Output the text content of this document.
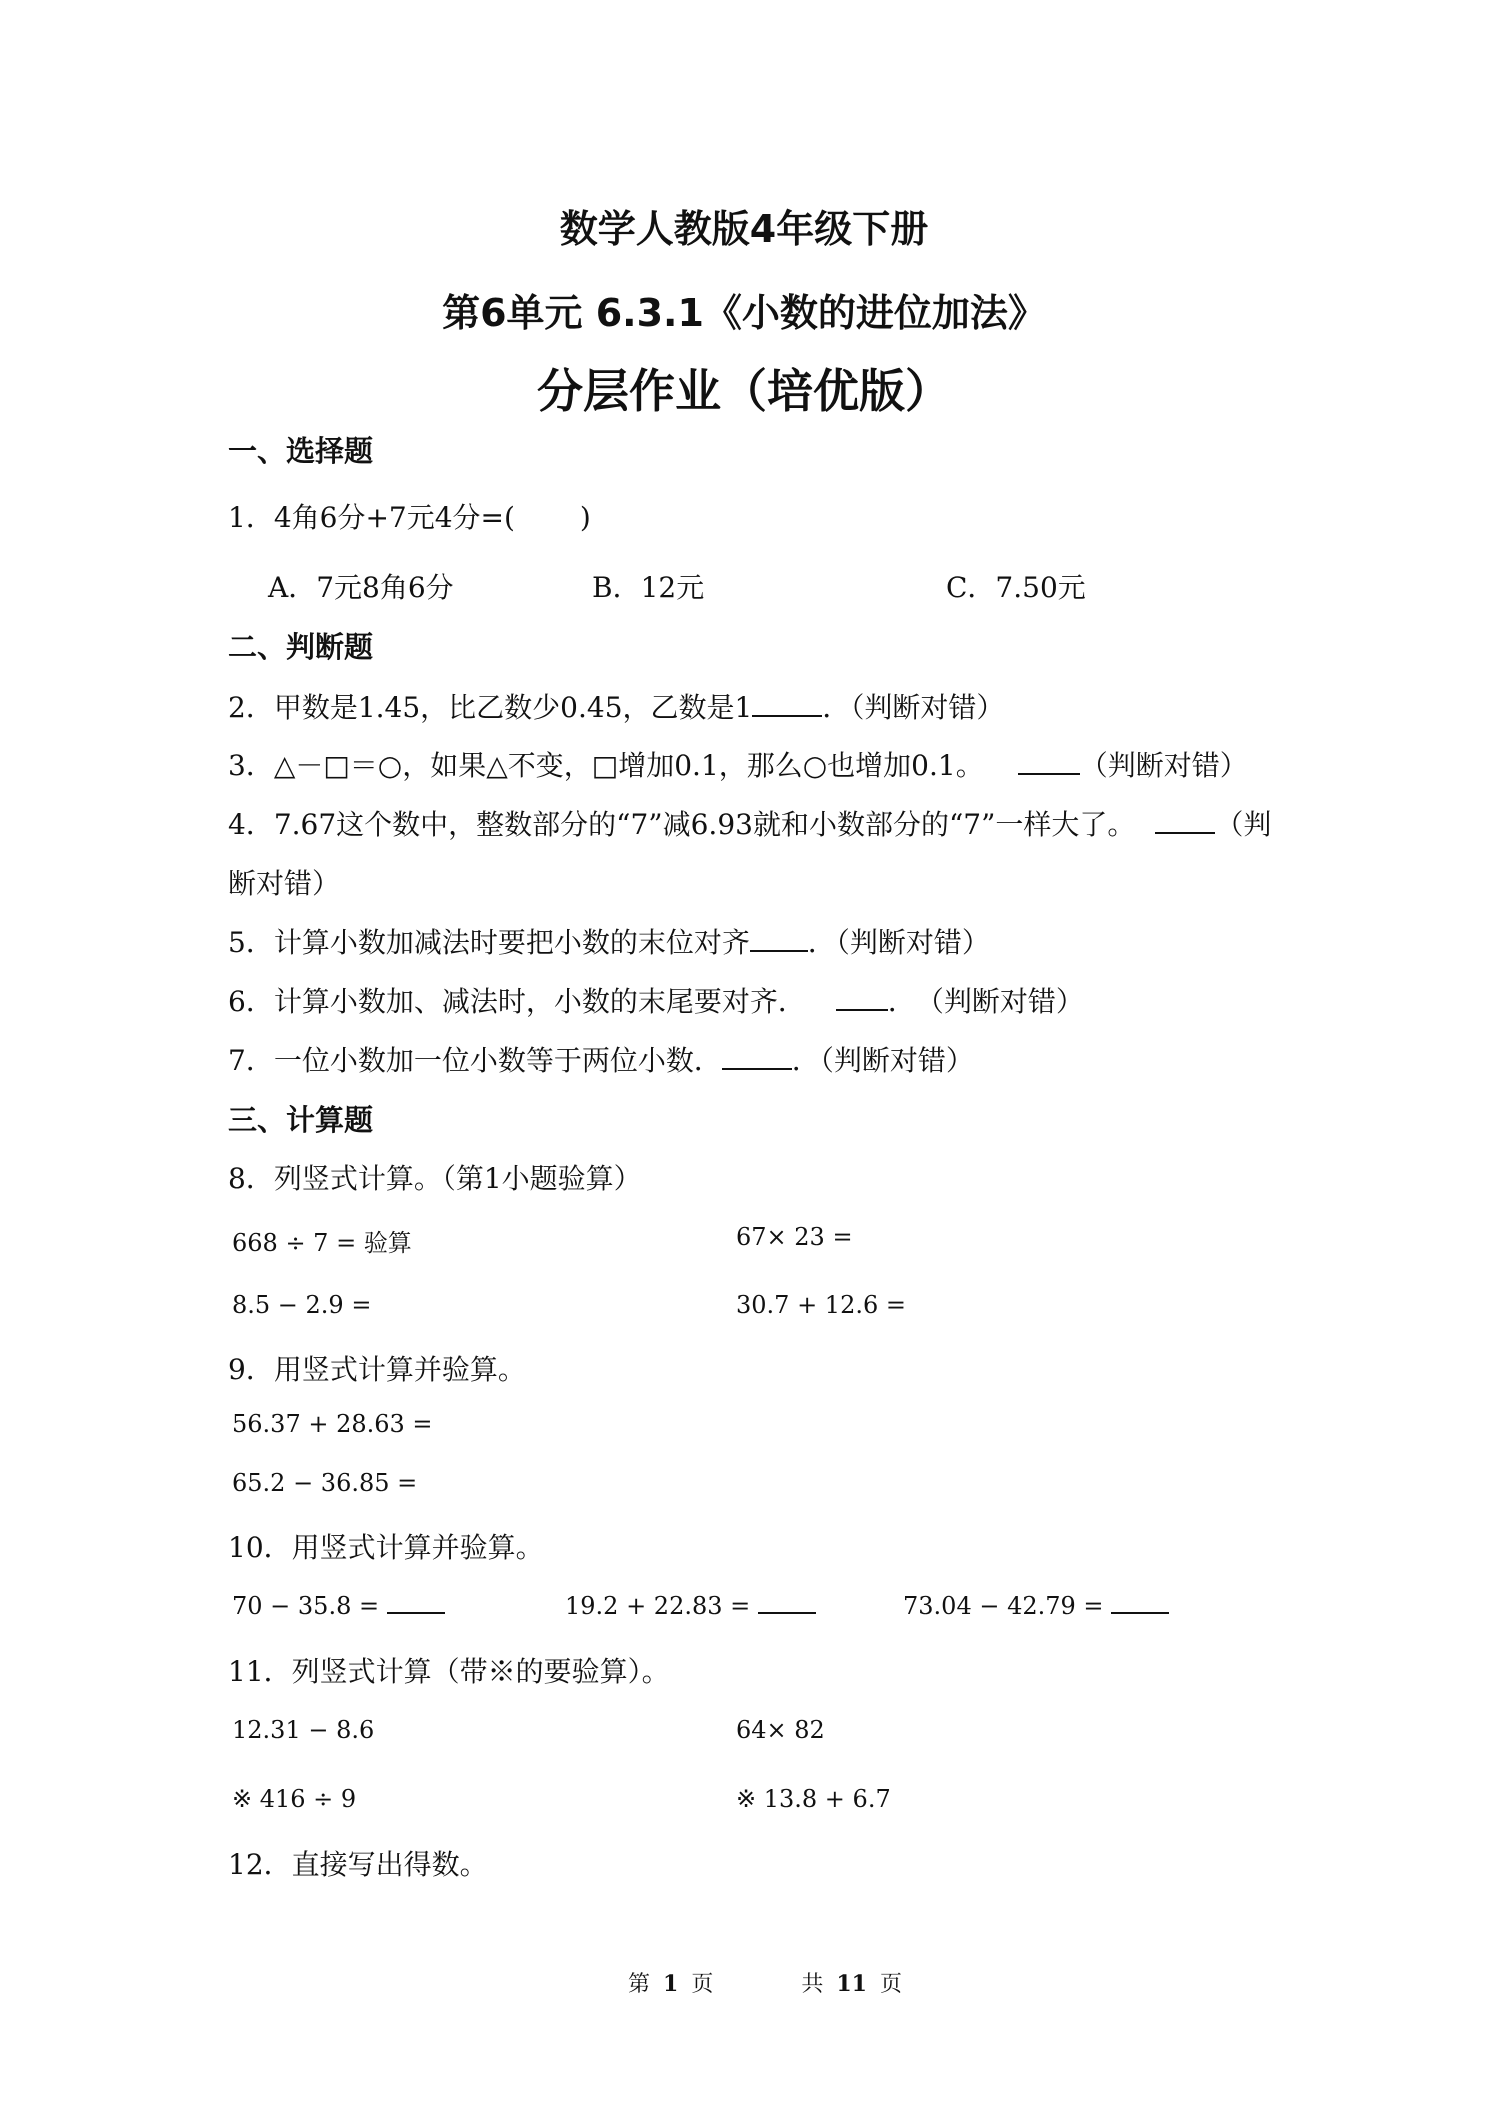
数学人教版4年级下册
第6单元 6.3.1《小数的进位加法》
分层作业（培优版）
一、选择题
1．4角6分+7元4分=(　　 )
A．7元8角6分	B．12元	C．7.50元
二、判断题
2．甲数是1.45，比乙数少0.45，乙数是1	．（判断对错）
3．△－□＝○，如果△不变，□增加0.1，那么○也增加0.1。	（判断对错）
4．7.67这个数中，整数部分的“7”减6.93就和小数部分的“7”一样大了。	（判
断对错）
5．计算小数加减法时要把小数的末位对齐 ．（判断对错）
6．计算小数加、减法时，小数的末尾要对齐．	．　（判断对错）
7．一位小数加一位小数等于两位小数．	．（判断对错）
三、计算题
8．列竖式计算。（第1小题验算）
668 ÷ 7 = 验算	67× 23 =
8.5 − 2.9 =	30.7 + 12.6 =
9．用竖式计算并验算。
56.37 + 28.63 =
65.2 − 36.85 =
10．用竖式计算并验算。
70 − 35.8 =	19.2 + 22.83 =	73.04 − 42.79 =
11．列竖式计算（带※的要验算）。
12.31 − 8.6	64× 82
※ 416 ÷ 9	※ 13.8 + 6.7
12．直接写出得数。
第 1 页	共 11 页
